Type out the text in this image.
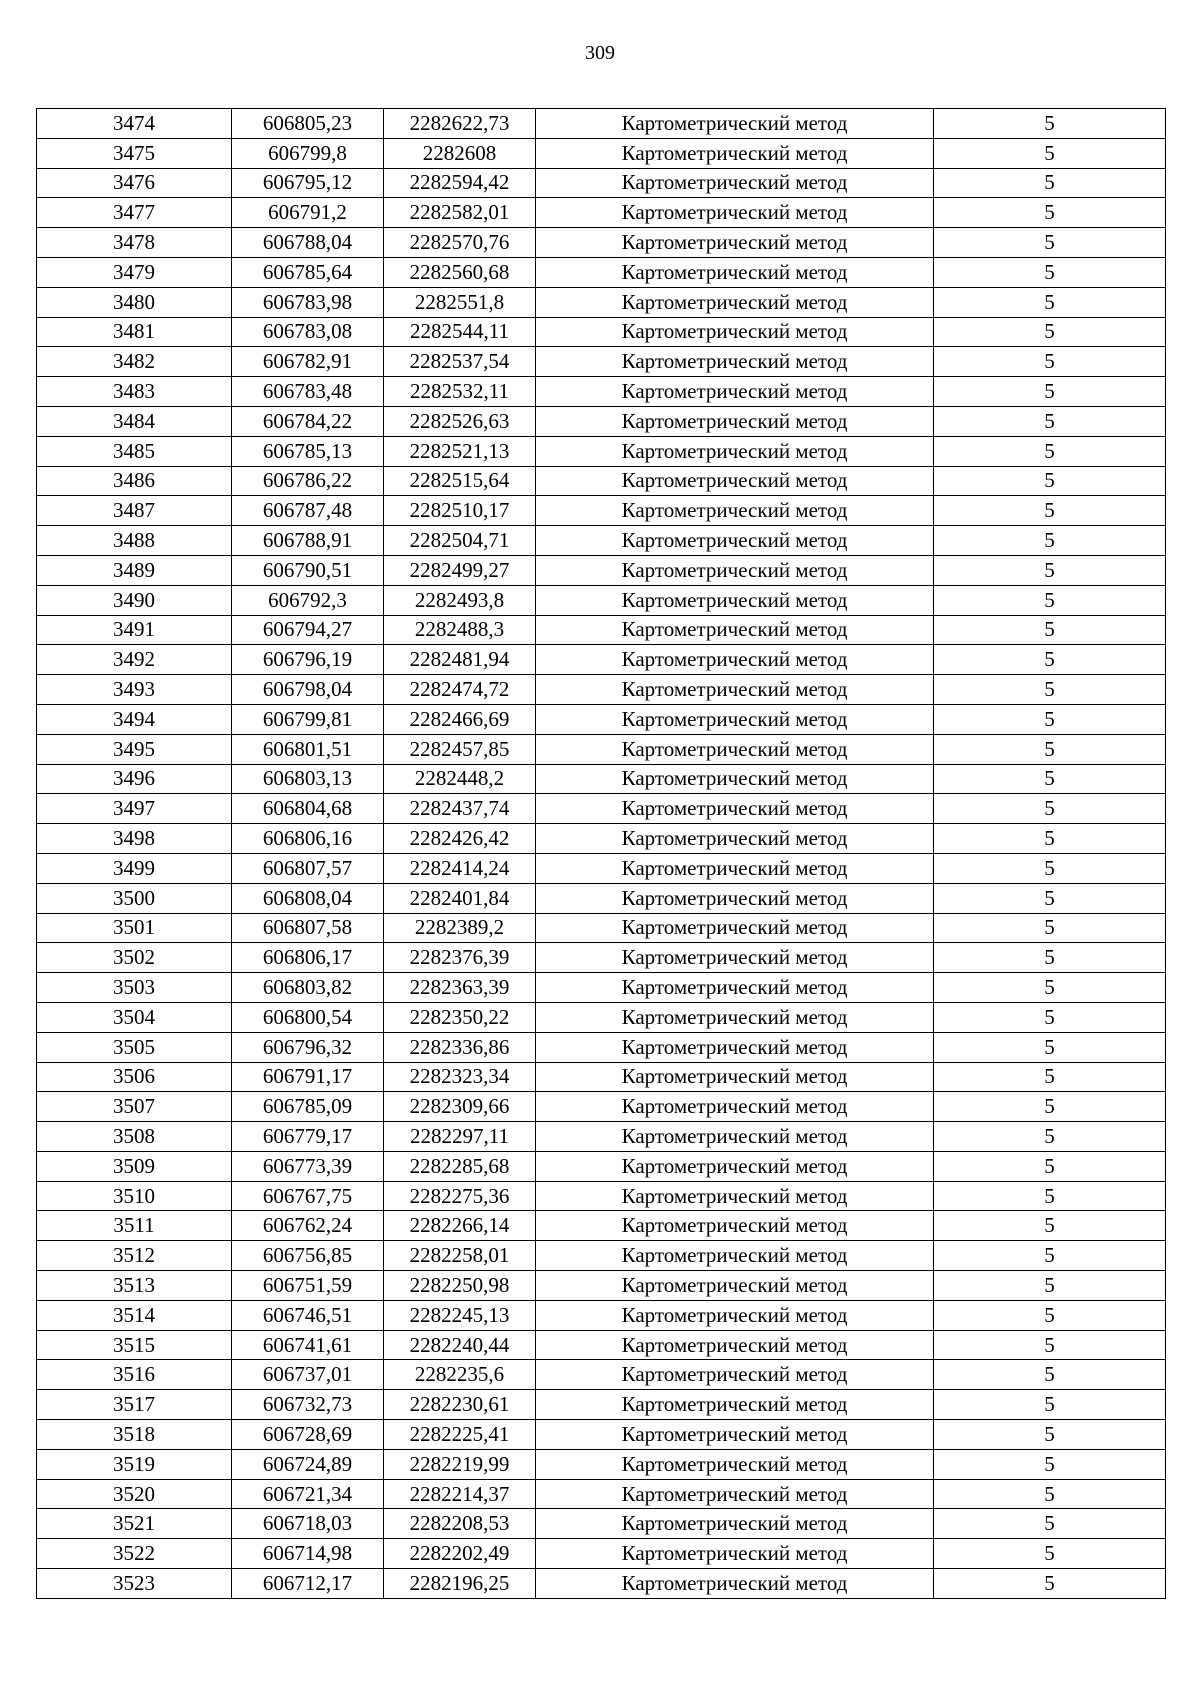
309
3474	606805,23	2282622,73	Картометрический метод	5
3475	606799,8	2282608	Картометрический метод	5
3476	606795,12	2282594,42	Картометрический метод	5
3477	606791,2	2282582,01	Картометрический метод	5
3478	606788,04	2282570,76	Картометрический метод	5
3479	606785,64	2282560,68	Картометрический метод	5
3480	606783,98	2282551,8	Картометрический метод	5
3481	606783,08	2282544,11	Картометрический метод	5
3482	606782,91	2282537,54	Картометрический метод	5
3483	606783,48	2282532,11	Картометрический метод	5
3484	606784,22	2282526,63	Картометрический метод	5
3485	606785,13	2282521,13	Картометрический метод	5
3486	606786,22	2282515,64	Картометрический метод	5
3487	606787,48	2282510,17	Картометрический метод	5
3488	606788,91	2282504,71	Картометрический метод	5
3489	606790,51	2282499,27	Картометрический метод	5
3490	606792,3	2282493,8	Картометрический метод	5
3491	606794,27	2282488,3	Картометрический метод	5
3492	606796,19	2282481,94	Картометрический метод	5
3493	606798,04	2282474,72	Картометрический метод	5
3494	606799,81	2282466,69	Картометрический метод	5
3495	606801,51	2282457,85	Картометрический метод	5
3496	606803,13	2282448,2	Картометрический метод	5
3497	606804,68	2282437,74	Картометрический метод	5
3498	606806,16	2282426,42	Картометрический метод	5
3499	606807,57	2282414,24	Картометрический метод	5
3500	606808,04	2282401,84	Картометрический метод	5
3501	606807,58	2282389,2	Картометрический метод	5
3502	606806,17	2282376,39	Картометрический метод	5
3503	606803,82	2282363,39	Картометрический метод	5
3504	606800,54	2282350,22	Картометрический метод	5
3505	606796,32	2282336,86	Картометрический метод	5
3506	606791,17	2282323,34	Картометрический метод	5
3507	606785,09	2282309,66	Картометрический метод	5
3508	606779,17	2282297,11	Картометрический метод	5
3509	606773,39	2282285,68	Картометрический метод	5
3510	606767,75	2282275,36	Картометрический метод	5
3511	606762,24	2282266,14	Картометрический метод	5
3512	606756,85	2282258,01	Картометрический метод	5
3513	606751,59	2282250,98	Картометрический метод	5
3514	606746,51	2282245,13	Картометрический метод	5
3515	606741,61	2282240,44	Картометрический метод	5
3516	606737,01	2282235,6	Картометрический метод	5
3517	606732,73	2282230,61	Картометрический метод	5
3518	606728,69	2282225,41	Картометрический метод	5
3519	606724,89	2282219,99	Картометрический метод	5
3520	606721,34	2282214,37	Картометрический метод	5
3521	606718,03	2282208,53	Картометрический метод	5
3522	606714,98	2282202,49	Картометрический метод	5
3523	606712,17	2282196,25	Картометрический метод	5
